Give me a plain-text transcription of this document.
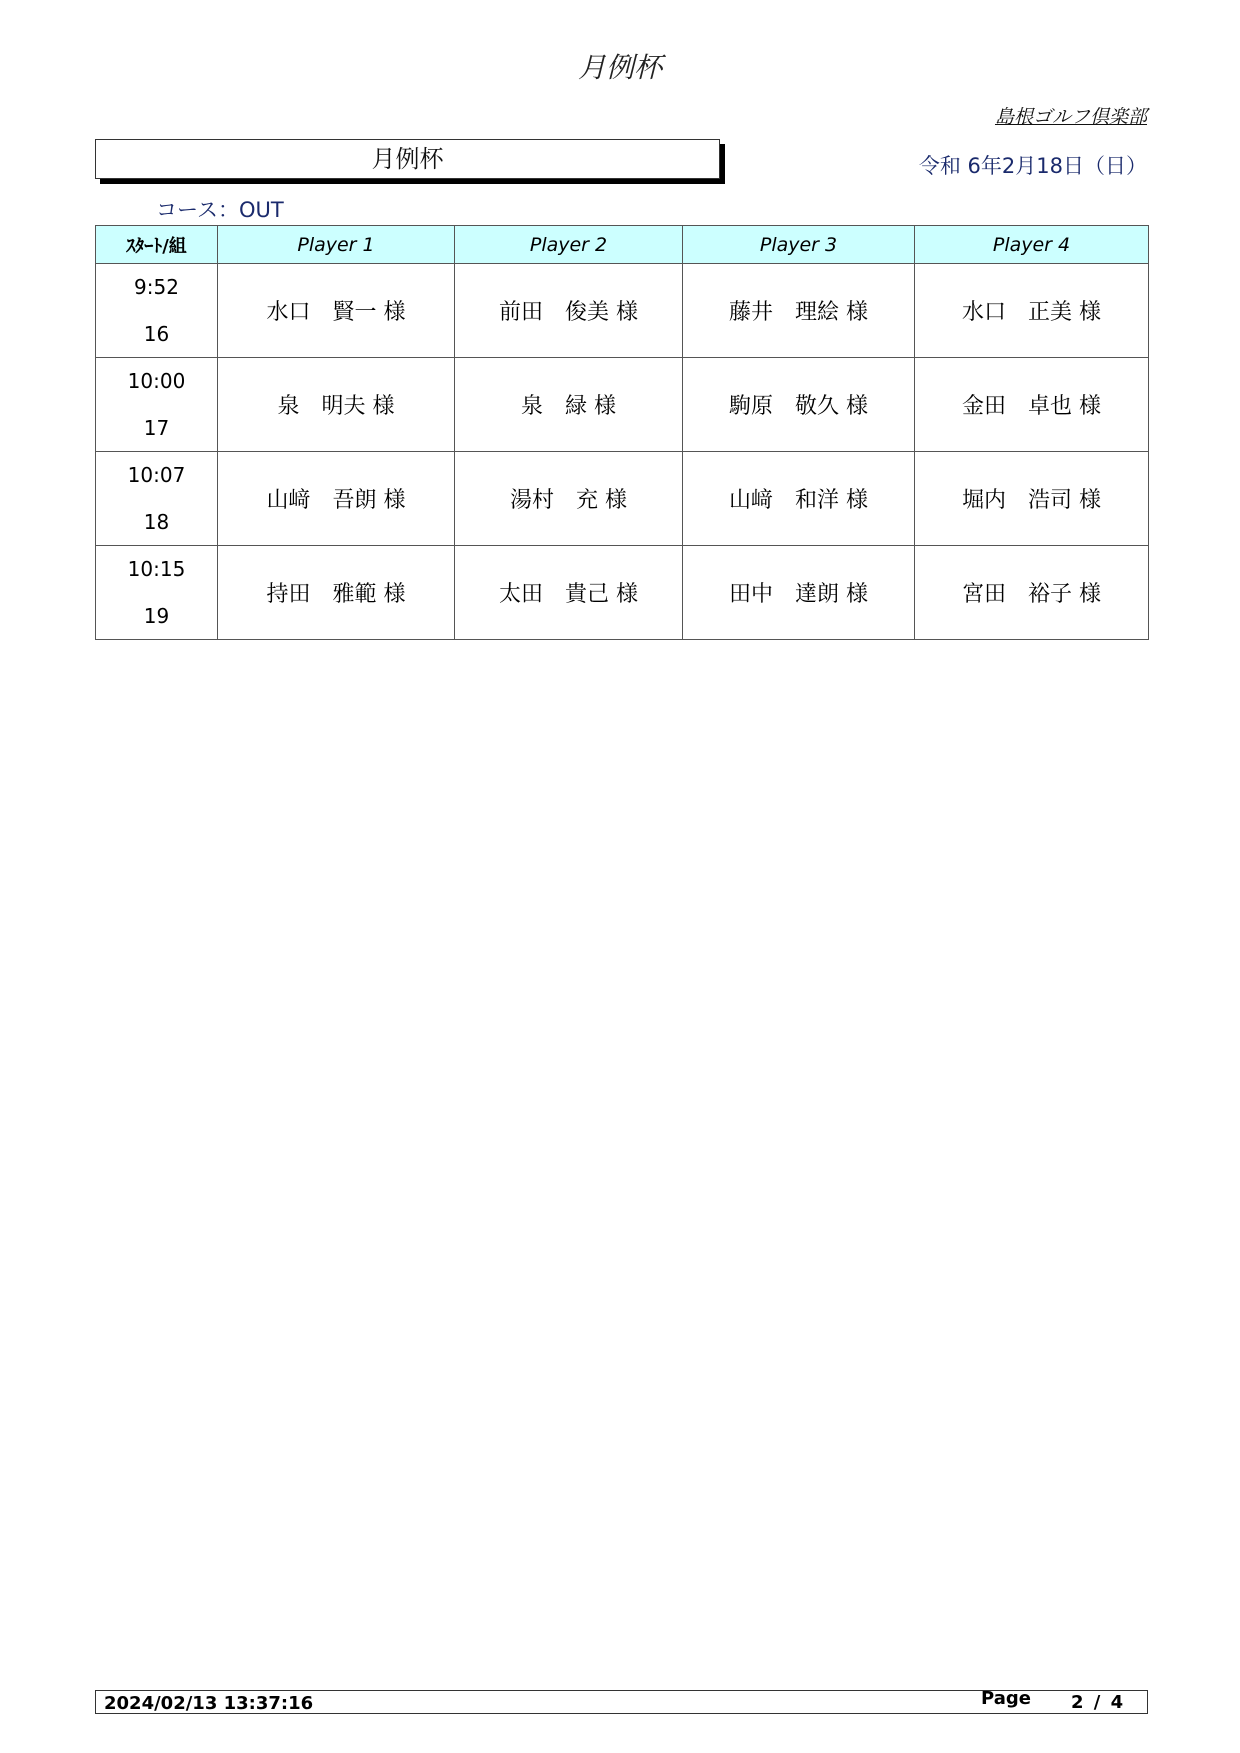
月例杯
島根ゴルフ倶楽部
月例杯	令和 6年2月18日（日）
コース：OUT
ｽﾀｰﾄ/組	Player 1	Player 2	Player 3	Player 4

9:52
16	水口　賢一 様	前田　俊美 様	藤井　理絵 様	水口　正美 様

10:00
17	泉　明夫 様	泉　緑 様	駒原　敬久 様	金田　卓也 様

10:07
18	山﨑　吾朗 様	湯村　充 様	山﨑　和洋 様	堀内　浩司 様

10:15
19	持田　雅範 様	太田　貴己 様	田中　達朗 様	宮田　裕子 様
2024/02/13 13:37:16	Page 2 / 4
